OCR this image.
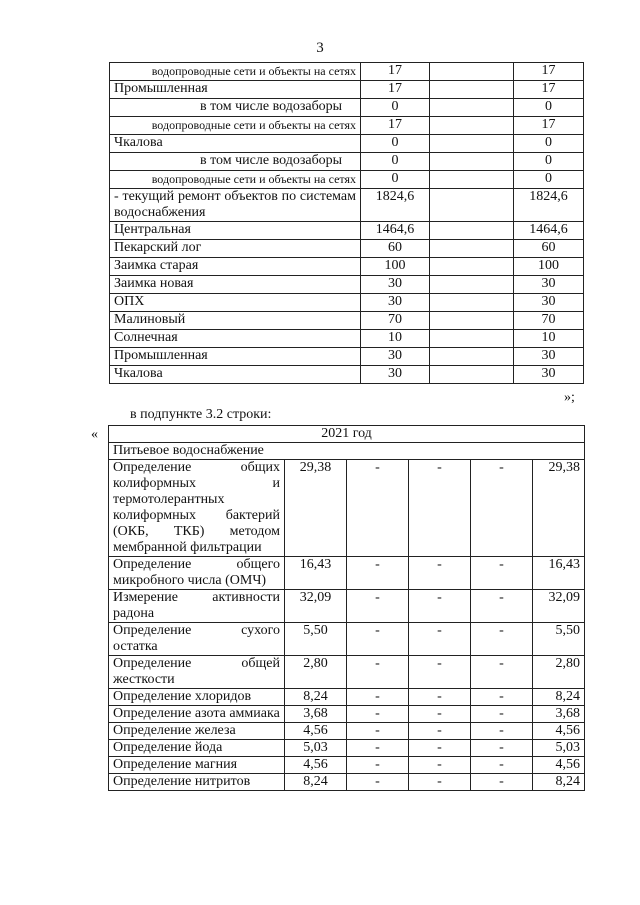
3
водопроводные сети и объекты на сетях	17		17
Промышленная	17		17
в том числе водозаборы	0		0
водопроводные сети и объекты на сетях	17		17
Чкалова	0		0
в том числе водозаборы	0		0
водопроводные сети и объекты на сетях	0		0
- текущий ремонт объектов по системам водоснабжения	1824,6		1824,6
Центральная	1464,6		1464,6
Пекарский лог	60		60
Заимка старая	100		100
Заимка новая	30		30
ОПХ	30		30
Малиновый	70		70
Солнечная	10		10
Промышленная	30		30
Чкалова	30		30
»;
в подпункте 3.2 строки:
«	2021 год					
Питьевое водоснабжение					
Определение общих колиформных и термотолерантных колиформных бактерий (ОКБ, ТКБ) методом мембранной фильтрации	29,38	-	-	-	29,38
Определение общего микробного числа (ОМЧ)	16,43	-	-	-	16,43
Измерение активности радона	32,09	-	-	-	32,09
Определение сухого остатка	5,50	-	-	-	5,50
Определение общей жесткости	2,80	-	-	-	2,80
Определение хлоридов	8,24	-	-	-	8,24
Определение азота аммиака	3,68	-	-	-	3,68
Определение железа	4,56	-	-	-	4,56
Определение йода	5,03	-	-	-	5,03
Определение магния	4,56	-	-	-	4,56
Определение нитритов	8,24	-	-	-	8,24
